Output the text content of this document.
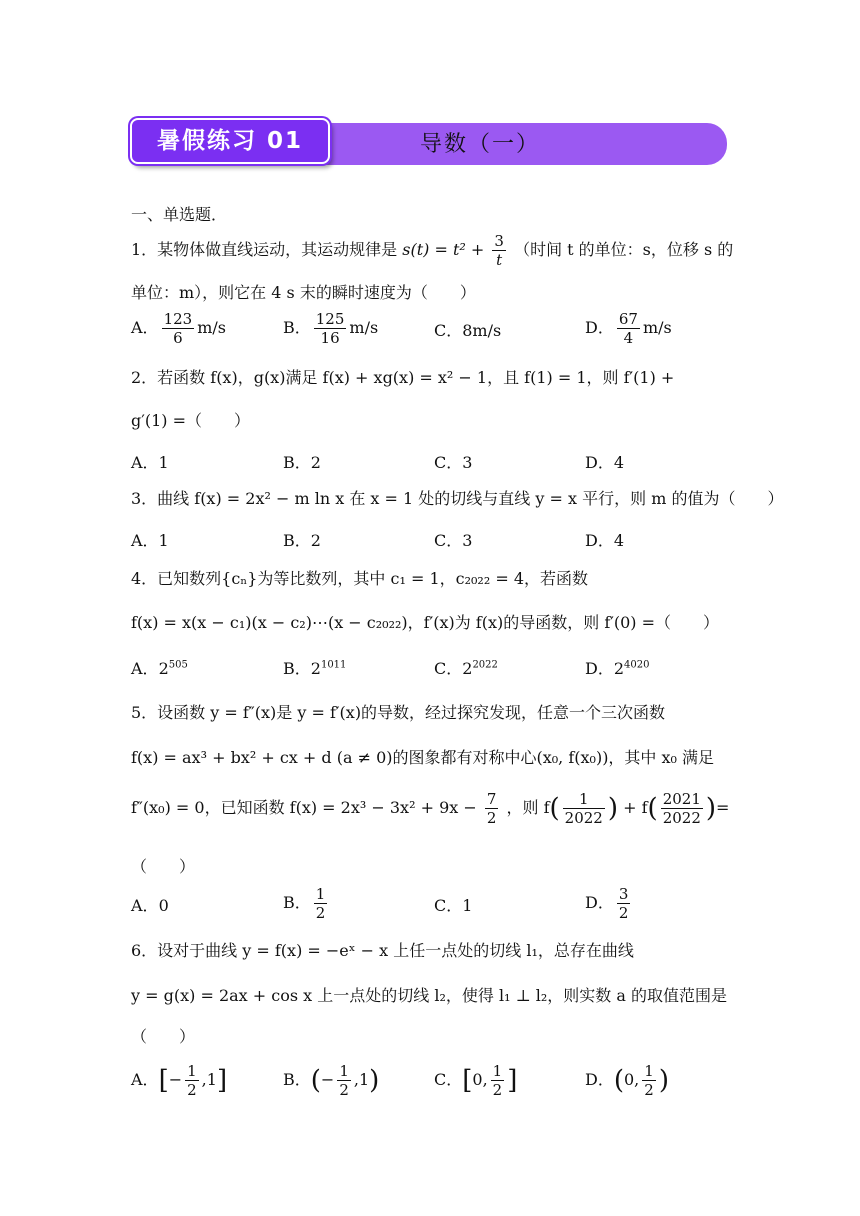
暑假练习 01	导数（一）
一、单选题．
1．某物体做直线运动，其运动规律是 $s(t) = t^2 + \frac{3}{t}$ （时间 t 的单位：s，位移 s 的
单位：m），则它在 4 s 末的瞬时速度为（　　）
A． $\frac{123}{6} m/s$	B． $\frac{125}{16} m/s$	C．8m/s	D． $\frac{67}{4} m/s$
2．若函数 f(x)，g(x)满足 f(x) + xg(x) = x² − 1，且 f(1) = 1，则 f′(1) +
g′(1) =（　　）
A．1	B．2	C．3	D．4
3．曲线 f(x) = 2x² − m ln x 在 x = 1 处的切线与直线 y = x 平行，则 m 的值为（　　）
A．1	B．2	C．3	D．4
4．已知数列{cₙ}为等比数列，其中 c₁ = 1，c₂₀₂₂ = 4，若函数
f(x) = x(x − c₁)(x − c₂)⋯(x − c₂₀₂₂)，f′(x)为 f(x)的导函数，则 f′(0) =（　　）
A．$2^{505}$	B．$2^{1011}$	C．$2^{2022}$	D．$2^{4020}$
5．设函数 y = f″(x)是 y = f′(x)的导数，经过探究发现，任意一个三次函数
f(x) = ax³ + bx² + cx + d (a ≠ 0)的图象都有对称中心(x₀, f(x₀))，其中 x₀ 满足
f″(x₀) = 0，已知函数 $f(x) = 2x^3 - 3x^2 + 9x - \frac{7}{2}$ ，则 $f( \frac{1}{2022}$ ) + $f( \frac{2021}{2022}$ )=
（　　）
A．0	B． $\frac{1}{2}$	C．1	D． $\frac{3}{2}$
6．设对于曲线 y = f(x) = −eˣ − x 上任一点处的切线 l₁，总存在曲线
y = g(x) = 2ax + cos x 上一点处的切线 l₂，使得 l₁ ⊥ l₂，则实数 a 的取值范围是
（　　）
A．[− $\frac{1}{2} ,1$]	B．(− $\frac{1}{2} ,1$)	C．[0, $\frac{1}{2}$ ]	D．(0, $\frac{1}{2}$ )
